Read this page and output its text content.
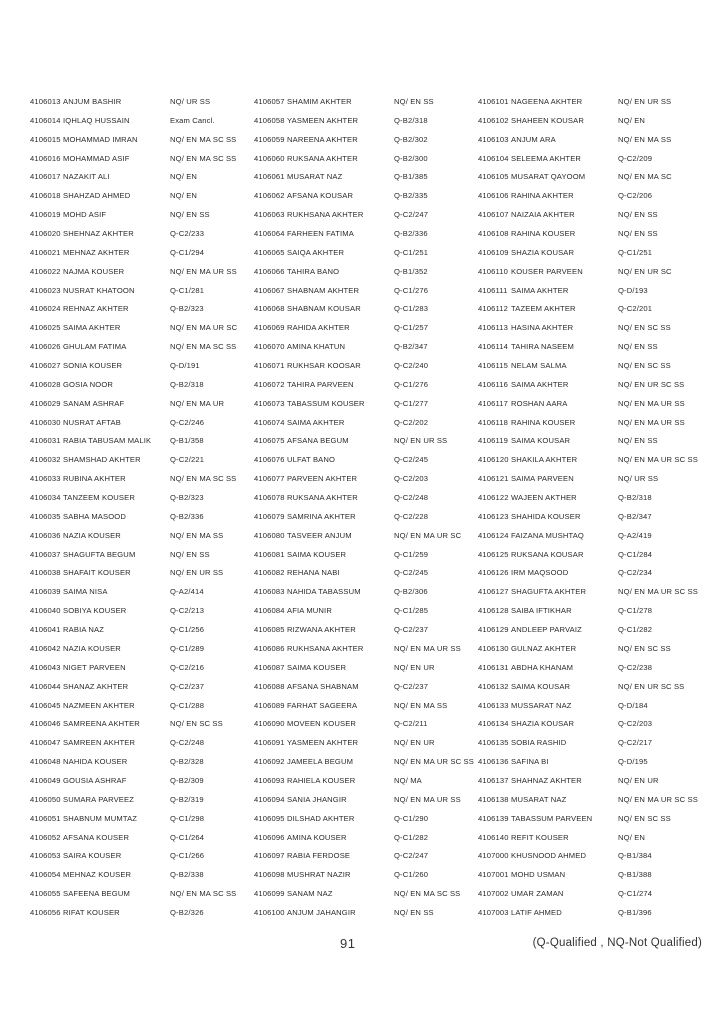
4106013 ANJUM BASHIR	NQ/ UR SS
4106014 IQHLAQ HUSSAIN	Exam Cancl.
4106015 MOHAMMAD IMRAN	NQ/ EN MA SC SS
4106016 MOHAMMAD ASIF	NQ/ EN MA SC SS
4106017 NAZAKIT ALI	NQ/ EN
4106018 SHAHZAD AHMED	NQ/ EN
4106019 MOHD ASIF	NQ/ EN SS
4106020 SHEHNAZ AKHTER	Q-C2/233
4106021 MEHNAZ AKHTER	Q-C1/294
4106022 NAJMA KOUSER	NQ/ EN MA UR SS
4106023 NUSRAT KHATOON	Q-C1/281
4106024 REHNAZ AKHTER	Q-B2/323
4106025 SAIMA AKHTER	NQ/ EN MA UR SC
4106026 GHULAM FATIMA	NQ/ EN MA SC SS
4106027 SONIA KOUSER	Q-D/191
4106028 GOSIA NOOR	Q-B2/318
4106029 SANAM ASHRAF	NQ/ EN MA UR
4106030 NUSRAT AFTAB	Q-C2/246
4106031 RABIA TABUSAM MALIK	Q-B1/358
4106032 SHAMSHAD AKHTER	Q-C2/221
4106033 RUBINA AKHTER	NQ/ EN MA SC SS
4106034 TANZEEM KOUSER	Q-B2/323
4106035 SABHA MASOOD	Q-B2/336
4106036 NAZIA KOUSER	NQ/ EN MA SS
4106037 SHAGUFTA BEGUM	NQ/ EN SS
4106038 SHAFAIT KOUSER	NQ/ EN UR SS
4106039 SAIMA NISA	Q-A2/414
4106040 SOBIYA KOUSER	Q-C2/213
4106041 RABIA NAZ	Q-C1/256
4106042 NAZIA KOUSER	Q-C1/289
4106043 NIGET PARVEEN	Q-C2/216
4106044 SHANAZ AKHTER	Q-C2/237
4106045 NAZMEEN AKHTER	Q-C1/288
4106046 SAMREENA AKHTER	NQ/ EN SC SS
4106047 SAMREEN AKHTER	Q-C2/248
4106048 NAHIDA KOUSER	Q-B2/328
4106049 GOUSIA ASHRAF	Q-B2/309
4106050 SUMARA PARVEEZ	Q-B2/319
4106051 SHABNUM MUMTAZ	Q-C1/298
4106052 AFSANA KOUSER	Q-C1/264
4106053 SAIRA KOUSER	Q-C1/266
4106054 MEHNAZ KOUSER	Q-B2/338
4106055 SAFEENA BEGUM	NQ/ EN MA SC SS
4106056 RIFAT KOUSER	Q-B2/326
4106057 SHAMIM AKHTER	NQ/ EN SS
4106058 YASMEEN AKHTER	Q-B2/318
4106059 NAREENA AKHTER	Q-B2/302
4106060 RUKSANA AKHTER	Q-B2/300
4106061 MUSARAT NAZ	Q-B1/385
4106062 AFSANA KOUSAR	Q-B2/335
4106063 RUKHSANA AKHTER	Q-C2/247
4106064 FARHEEN FATIMA	Q-B2/336
4106065 SAIQA AKHTER	Q-C1/251
4106066 TAHIRA BANO	Q-B1/352
4106067 SHABNAM AKHTER	Q-C1/276
4106068 SHABNAM KOUSAR	Q-C1/283
4106069 RAHIDA AKHTER	Q-C1/257
4106070 AMINA KHATUN	Q-B2/347
4106071 RUKHSAR KOOSAR	Q-C2/240
4106072 TAHIRA PARVEEN	Q-C1/276
4106073 TABASSUM KOUSER	Q-C1/277
4106074 SAIMA AKHTER	Q-C2/202
4106075 AFSANA BEGUM	NQ/ EN UR SS
4106076 ULFAT BANO	Q-C2/245
4106077 PARVEEN AKHTER	Q-C2/203
4106078 RUKSANA AKHTER	Q-C2/248
4106079 SAMRINA AKHTER	Q-C2/228
4106080 TASVEER ANJUM	NQ/ EN MA UR SC
4106081 SAIMA KOUSER	Q-C1/259
4106082 REHANA NABI	Q-C2/245
4106083 NAHIDA TABASSUM	Q-B2/306
4106084 AFIA MUNIR	Q-C1/285
4106085 RIZWANA AKHTER	Q-C2/237
4106086 RUKHSANA AKHTER	NQ/ EN MA UR SS
4106087 SAIMA KOUSER	NQ/ EN UR
4106088 AFSANA SHABNAM	Q-C2/237
4106089 FARHAT SAGEERA	NQ/ EN MA SS
4106090 MOVEEN KOUSER	Q-C2/211
4106091 YASMEEN AKHTER	NQ/ EN UR
4106092 JAMEELA BEGUM	NQ/ EN MA UR SC SS
4106093 RAHIELA KOUSER	NQ/ MA
4106094 SANIA JHANGIR	NQ/ EN MA UR SS
4106095 DILSHAD AKHTER	Q-C1/290
4106096 AMINA KOUSER	Q-C1/282
4106097 RABIA FERDOSE	Q-C2/247
4106098 MUSHRAT NAZIR	Q-C1/260
4106099 SANAM NAZ	NQ/ EN MA SC SS
4106100 ANJUM JAHANGIR	NQ/ EN SS
4106101 NAGEENA AKHTER	NQ/ EN UR SS
4106102 SHAHEEN KOUSAR	NQ/ EN
4106103 ANJUM ARA	NQ/ EN MA SS
4106104 SELEEMA AKHTER	Q-C2/209
4106105 MUSARAT QAYOOM	NQ/ EN MA SC
4106106 RAHINA AKHTER	Q-C2/206
4106107 NAIZAIA AKHTER	NQ/ EN SS
4106108 RAHINA KOUSER	NQ/ EN SS
4106109 SHAZIA KOUSAR	Q-C1/251
4106110 KOUSER PARVEEN	NQ/ EN UR SC
4106111 SAIMA AKHTER	Q-D/193
4106112 TAZEEM AKHTER	Q-C2/201
4106113 HASINA AKHTER	NQ/ EN SC SS
4106114 TAHIRA NASEEM	NQ/ EN SS
4106115 NELAM SALMA	NQ/ EN SC SS
4106116 SAIMA AKHTER	NQ/ EN UR SC SS
4106117 ROSHAN AARA	NQ/ EN MA UR SS
4106118 RAHINA KOUSER	NQ/ EN MA UR SS
4106119 SAIMA KOUSAR	NQ/ EN SS
4106120 SHAKILA AKHTER	NQ/ EN MA UR SC SS
4106121 SAIMA PARVEEN	NQ/ UR SS
4106122 WAJEEN AKTHER	Q-B2/318
4106123 SHAHIDA KOUSER	Q-B2/347
4106124 FAIZANA MUSHTAQ	Q-A2/419
4106125 RUKSANA KOUSAR	Q-C1/284
4106126 IRM MAQSOOD	Q-C2/234
4106127 SHAGUFTA AKHTER	NQ/ EN MA UR SC SS
4106128 SAIBA IFTIKHAR	Q-C1/278
4106129 ANDLEEP PARVAIZ	Q-C1/282
4106130 GULNAZ AKHTER	NQ/ EN SC SS
4106131 ABDHA KHANAM	Q-C2/238
4106132 SAIMA KOUSAR	NQ/ EN UR SC SS
4106133 MUSSARAT NAZ	Q-D/184
4106134 SHAZIA KOUSAR	Q-C2/203
4106135 SOBIA RASHID	Q-C2/217
4106136 SAFINA BI	Q-D/195
4106137 SHAHNAZ AKHTER	NQ/ EN UR
4106138 MUSARAT NAZ	NQ/ EN MA UR SC SS
4106139 TABASSUM PARVEEN	NQ/ EN SC SS
4106140 REFIT KOUSER	NQ/ EN
4107000 KHUSNOOD AHMED	Q-B1/384
4107001 MOHD USMAN	Q-B1/388
4107002 UMAR ZAMAN	Q-C1/274
4107003 LATIF AHMED	Q-B1/396
91	(Q-Qualified , NQ-Not Qualified)
